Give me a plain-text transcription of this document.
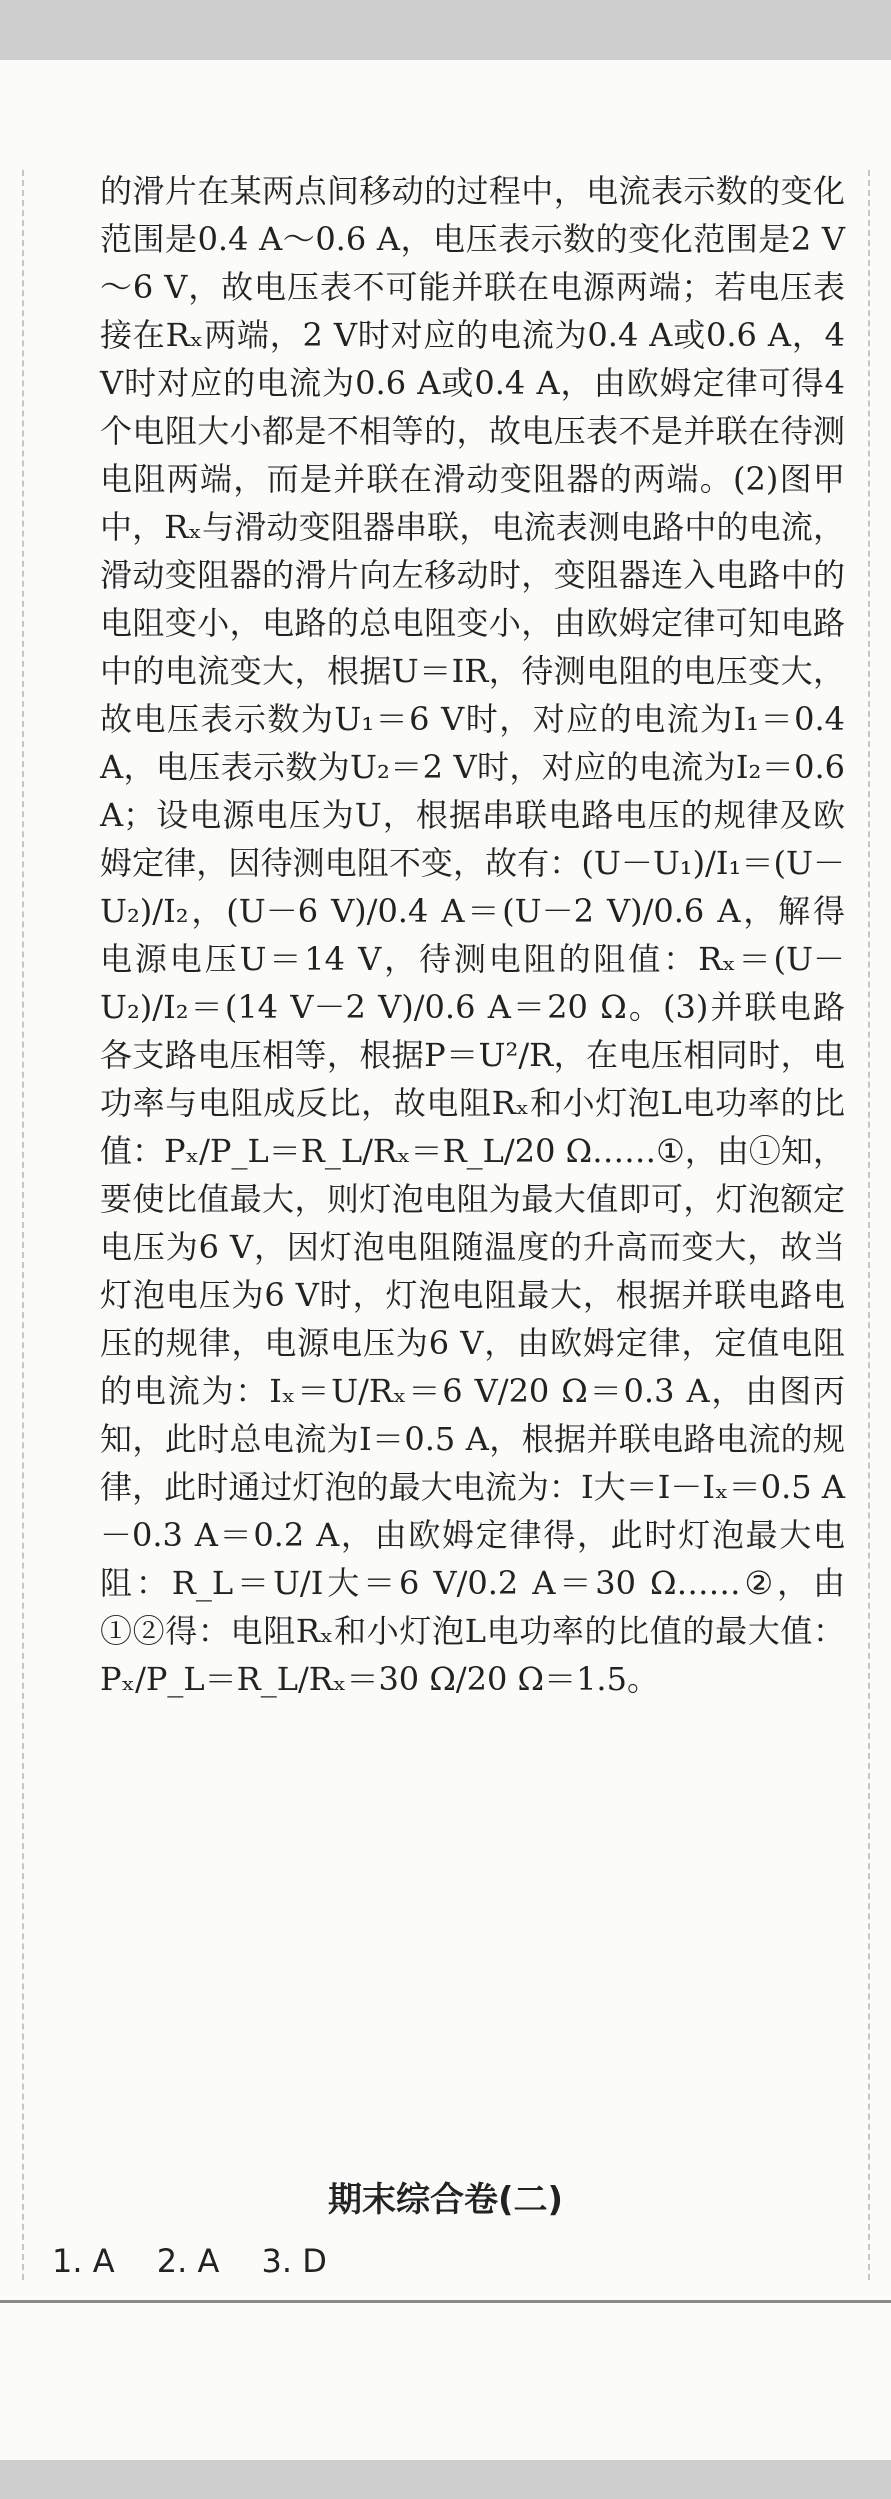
的滑片在某两点间移动的过程中，电流表示数的变化范围是0.4 A～0.6 A，电压表示数的变化范围是2 V～6 V，故电压表不可能并联在电源两端；若电压表接在Rₓ两端，2 V时对应的电流为0.4 A或0.6 A，4 V时对应的电流为0.6 A或0.4 A，由欧姆定律可得4个电阻大小都是不相等的，故电压表不是并联在待测电阻两端，而是并联在滑动变阻器的两端。(2)图甲中，Rₓ与滑动变阻器串联，电流表测电路中的电流，滑动变阻器的滑片向左移动时，变阻器连入电路中的电阻变小，电路的总电阻变小，由欧姆定律可知电路中的电流变大，根据U＝IR，待测电阻的电压变大，故电压表示数为U₁＝6 V时，对应的电流为I₁＝0.4 A，电压表示数为U₂＝2 V时，对应的电流为I₂＝0.6 A；设电源电压为U，根据串联电路电压的规律及欧姆定律，因待测电阻不变，故有：(U－U₁)/I₁＝(U－U₂)/I₂，(U－6 V)/0.4 A＝(U－2 V)/0.6 A，解得电源电压U＝14 V，待测电阻的阻值：Rₓ＝(U－U₂)/I₂＝(14 V－2 V)/0.6 A＝20 Ω。(3)并联电路各支路电压相等，根据P＝U²/R，在电压相同时，电功率与电阻成反比，故电阻Rₓ和小灯泡L电功率的比值：Pₓ/P_L＝R_L/Rₓ＝R_L/20 Ω……①，由①知，要使比值最大，则灯泡电阻为最大值即可，灯泡额定电压为6 V，因灯泡电阻随温度的升高而变大，故当灯泡电压为6 V时，灯泡电阻最大，根据并联电路电压的规律，电源电压为6 V，由欧姆定律，定值电阻的电流为：Iₓ＝U/Rₓ＝6 V/20 Ω＝0.3 A，由图丙知，此时总电流为I＝0.5 A，根据并联电路电流的规律，此时通过灯泡的最大电流为：I大＝I－Iₓ＝0.5 A－0.3 A＝0.2 A，由欧姆定律得，此时灯泡最大电阻：R_L＝U/I大＝6 V/0.2 A＝30 Ω……②，由①②得：电阻Rₓ和小灯泡L电功率的比值的最大值：Pₓ/P_L＝R_L/Rₓ＝30 Ω/20 Ω＝1.5。

期末综合卷(二)
1. A 2. A 3. D
